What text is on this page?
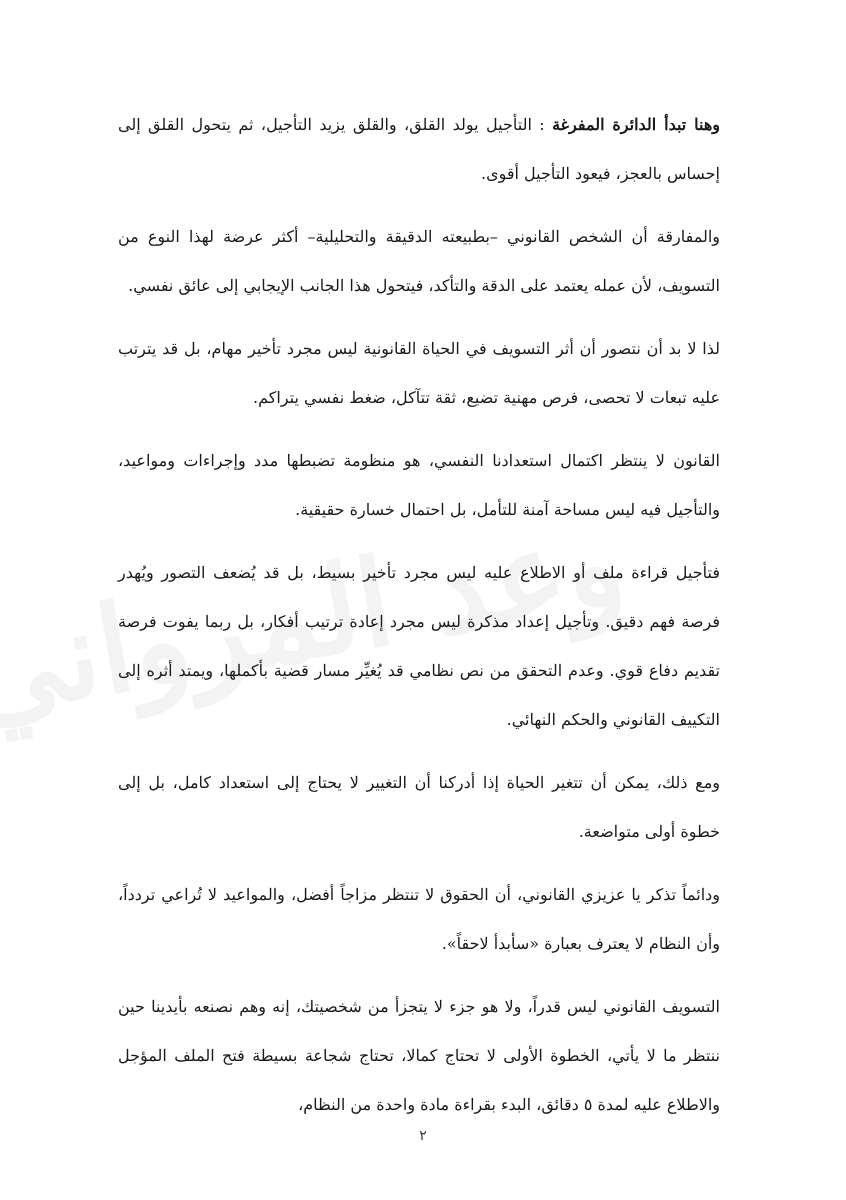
وهنا تبدأ الدائرة المفرغة : التأجيل يولد القلق، والقلق يزيد التأجيل، ثم يتحول القلق إلى إحساس بالعجز، فيعود التأجيل أقوى.

والمفارقة أن الشخص القانوني –بطبيعته الدقيقة والتحليلية– أكثر عرضة لهذا النوع من التسويف، لأن عمله يعتمد على الدقة والتأكد، فيتحول هذا الجانب الإيجابي إلى عائق نفسي.

لذا لا بد أن نتصور أن أثر التسويف في الحياة القانونية ليس مجرد تأخير مهام، بل قد يترتب عليه تبعات لا تحصى، فرص مهنية تضيع، ثقة تتآكل، ضغط نفسي يتراكم.

القانون لا ينتظر اكتمال استعدادنا النفسي، هو منظومة تضبطها مدد وإجراءات ومواعيد، والتأجيل فيه ليس مساحة آمنة للتأمل، بل احتمال خسارة حقيقية.

فتأجيل قراءة ملف أو الاطلاع عليه ليس مجرد تأخير بسيط، بل قد يُضعف التصور ويُهدر فرصة فهم دقيق. وتأجيل إعداد مذكرة ليس مجرد إعادة ترتيب أفكار، بل ربما يفوت فرصة تقديم دفاع قوي. وعدم التحقق من نص نظامي قد يُغيِّر مسار قضية بأكملها، ويمتد أثره إلى التكييف القانوني والحكم النهائي.

ومع ذلك، يمكن أن تتغير الحياة إذا أدركنا أن التغيير لا يحتاج إلى استعداد كامل، بل إلى خطوة أولى متواضعة.

ودائماً تذكر يا عزيزي القانوني، أن الحقوق لا تنتظر مزاجاً أفضل، والمواعيد لا تُراعي تردداً، وأن النظام لا يعترف بعبارة «سأبدأ لاحقاً».

التسويف القانوني ليس قدراً، ولا هو جزء لا يتجزأ من شخصيتك، إنه وهم نصنعه بأيدينا حين ننتظر ما لا يأتي، الخطوة الأولى لا تحتاج كمالا، تحتاج شجاعة بسيطة فتح الملف المؤجل والاطلاع عليه لمدة ٥ دقائق، البدء بقراءة مادة واحدة من النظام،

٢
